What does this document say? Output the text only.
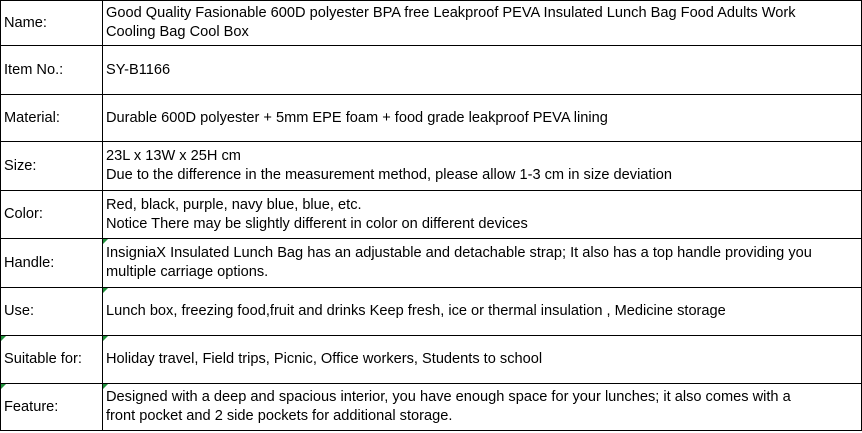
Name:	Good Quality Fasionable 600D polyester BPA free Leakproof PEVA Insulated Lunch Bag Food Adults Work
Cooling Bag Cool Box

Item No.:	SY-B1166

Material:	Durable 600D polyester + 5mm EPE foam + food grade leakproof PEVA lining

Size:	23L x 13W x 25H cm
Due to the difference in the measurement method, please allow 1-3 cm in size deviation

Color:	Red, black, purple, navy blue, blue, etc.
Notice There may be slightly different in color on different devices

Handle:	InsigniaX Insulated Lunch Bag has an adjustable and detachable strap; It also has a top handle providing you
multiple carriage options.

Use:	Lunch box, freezing food,fruit and drinks Keep fresh, ice or thermal insulation , Medicine storage

Suitable for:	Holiday travel, Field trips, Picnic, Office workers, Students to school

Feature:	Designed with a deep and spacious interior, you have enough space for your lunches; it also comes with a
front pocket and 2 side pockets for additional storage.
